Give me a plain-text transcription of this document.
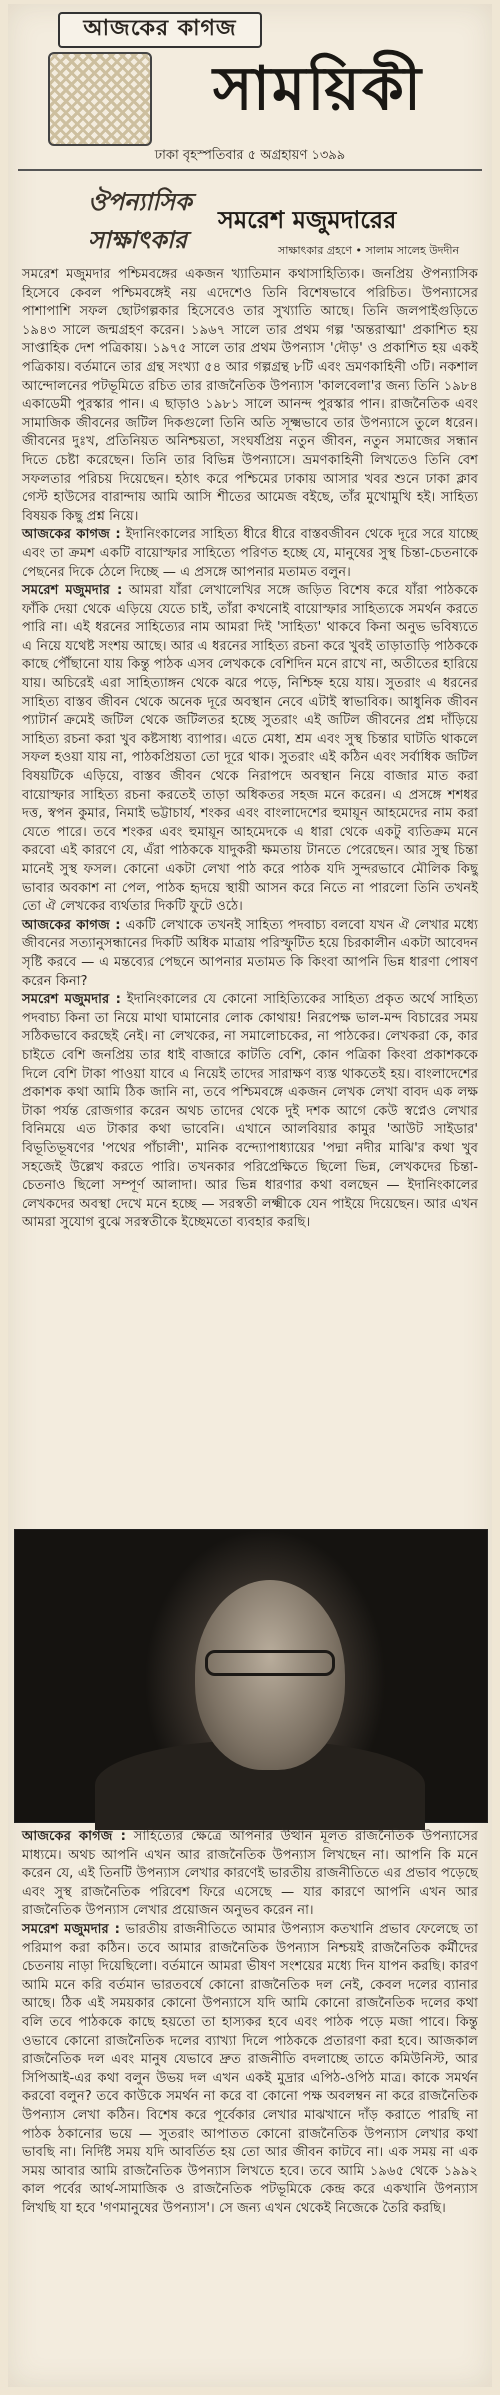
আজকের কাগজ
সাময়িকী
ঢাকা বৃহস্পতিবার ৫ অগ্রহায়ণ ১৩৯৯
ঔপন্যাসিক
সমরেশ মজুমদারের
সাক্ষাৎকার	সাক্ষাৎকার গ্রহণে • সালাম সালেহ উদদীন

সমরেশ মজুমদার পশ্চিমবঙ্গের একজন খ্যাতিমান কথাসাহিত্যিক। জনপ্রিয় ঔপন্যাসিক হিসেবে কেবল পশ্চিমবঙ্গেই নয় এদেশেও তিনি বিশেষভাবে পরিচিত। উপন্যাসের পাশাপাশি সফল ছোটগল্পকার হিসেবেও তার সুখ্যাতি আছে। তিনি জলপাইগুড়িতে ১৯৪৩ সালে জন্মগ্রহণ করেন। ১৯৬৭ সালে তার প্রথম গল্প 'অন্তরাত্মা' প্রকাশিত হয় সাপ্তাহিক দেশ পত্রিকায়। ১৯৭৫ সালে তার প্রথম উপন্যাস 'দৌড়' ও প্রকাশিত হয় একই পত্রিকায়। বর্তমানে তার গ্রন্থ সংখ্যা ৫৪ আর গল্পগ্রন্থ ৮টি এবং ভ্রমণকাহিনী ৩টি। নকশাল আন্দোলনের পটভূমিতে রচিত তার রাজনৈতিক উপন্যাস 'কালবেলা'র জন্য তিনি ১৯৮৪ একাডেমী পুরস্কার পান। এ ছাড়াও ১৯৮১ সালে আনন্দ পুরস্কার পান। রাজনৈতিক এবং সামাজিক জীবনের জটিল দিকগুলো তিনি অতি সূক্ষ্মভাবে তার উপন্যাসে তুলে ধরেন। জীবনের দুঃখ, প্রতিনিয়ত অনিশ্চয়তা, সংঘর্ষপ্রিয় নতুন জীবন, নতুন সমাজের সন্ধান দিতে চেষ্টা করেছেন। তিনি তার বিভিন্ন উপন্যাসে। ভ্রমণকাহিনী লিখতেও তিনি বেশ সফলতার পরিচয় দিয়েছেন। হঠাৎ করে পশ্চিমের ঢাকায় আসার খবর শুনে ঢাকা ক্লাব গেস্ট হাউসের বারান্দায় আমি আসি শীতের আমেজ বইছে, তাঁর মুখোমুখি হই। সাহিত্য বিষয়ক কিছু প্রশ্ন নিয়ে।

আজকের কাগজ : ইদানিংকালের সাহিত্য ধীরে ধীরে বাস্তবজীবন থেকে দূরে সরে যাচ্ছে এবং তা ক্রমশ একটি বায়োস্ফার সাহিত্যে পরিণত হচ্ছে যে, মানুষের সুস্থ চিন্তা-চেতনাকে পেছনের দিকে ঠেলে দিচ্ছে — এ প্রসঙ্গে আপনার মতামত বলুন।

সমরেশ মজুমদার : আমরা যাঁরা লেখালেখির সঙ্গে জড়িত বিশেষ করে যাঁরা পাঠককে ফাঁকি দেয়া থেকে এড়িয়ে যেতে চাই, তাঁরা কখনোই বায়োস্ফার সাহিত্যকে সমর্থন করতে পারি না। এই ধরনের সাহিত্যের নাম আমরা দিই 'সাহিত্য' থাকবে কিনা অনুভ ভবিষ্যতে এ নিয়ে যথেষ্ট সংশয় আছে। আর এ ধরনের সাহিত্য রচনা করে খুবই তাড়াতাড়ি পাঠককে কাছে পৌঁছানো যায় কিন্তু পাঠক এসব লেখককে বেশিদিন মনে রাখে না, অতীতের হারিয়ে যায়। অচিরেই এরা সাহিত্যাঙ্গন থেকে ঝরে পড়ে, নিশ্চিহ্ন হয়ে যায়। সুতরাং এ ধরনের সাহিত্য বাস্তব জীবন থেকে অনেক দূরে অবস্থান নেবে এটাই স্বাভাবিক। আধুনিক জীবন প্যাটার্ন ক্রমেই জটিল থেকে জটিলতর হচ্ছে সুতরাং এই জটিল জীবনের প্রশ্ন দাঁড়িয়ে সাহিত্য রচনা করা খুব কষ্টসাধ্য ব্যাপার। এতে মেধা, শ্রম এবং সুস্থ চিন্তার ঘাটতি থাকলে সফল হওয়া যায় না, পাঠকপ্রিয়তা তো দূরে থাক। সুতরাং এই কঠিন এবং সর্বাধিক জটিল বিষয়টিকে এড়িয়ে, বাস্তব জীবন থেকে নিরাপদে অবস্থান নিয়ে বাজার মাত করা বায়োস্ফার সাহিত্য রচনা করতেই তাড়া অধিকতর সহজ মনে করেন। এ প্রসঙ্গে শশধর দত্ত, স্বপন কুমার, নিমাই ভট্টাচার্য, শংকর এবং বাংলাদেশের হুমায়ূন আহমেদের নাম করা যেতে পারে। তবে শংকর এবং হুমায়ূন আহমেদকে এ ধারা থেকে একটু ব্যতিক্রম মনে করবো এই কারণে যে, এঁরা পাঠককে যাদুকরী ক্ষমতায় টানতে পেরেছেন। আর সুস্থ চিন্তা মানেই সুস্থ ফসল। কোনো একটা লেখা পাঠ করে পাঠক যদি সুন্দরভাবে মৌলিক কিছু ভাবার অবকাশ না পেল, পাঠক হৃদয়ে স্থায়ী আসন করে নিতে না পারলো তিনি তখনই তো ঐ লেখকের ব্যর্থতার দিকটি ফুটে ওঠে।

আজকের কাগজ : একটি লেখাকে তখনই সাহিত্য পদবাচ্য বলবো যখন ঐ লেখার মধ্যে জীবনের সত্যানুসন্ধানের দিকটি অধিক মাত্রায় পরিস্ফুটিত হয়ে চিরকালীন একটা আবেদন সৃষ্টি করবে — এ মন্তব্যের পেছনে আপনার মতামত কি কিংবা আপনি ভিন্ন ধারণা পোষণ করেন কিনা?

সমরেশ মজুমদার : ইদানিংকালের যে কোনো সাহিত্যিকের সাহিত্য প্রকৃত অর্থে সাহিত্য পদবাচ্য কিনা তা নিয়ে মাথা ঘামানোর লোক কোথায়! নিরপেক্ষ ভাল-মন্দ বিচারের সময় সঠিকভাবে করছেই নেই। না লেখকের, না সমালোচকের, না পাঠকের। লেখকরা কে, কার চাইতে বেশি জনপ্রিয় তার ধাই বাজারে কাটতি বেশি, কোন পত্রিকা কিংবা প্রকাশককে দিলে বেশি টাকা পাওয়া যাবে এ নিয়েই তাদের সারাক্ষণ ব্যস্ত থাকতেই হয়। বাংলাদেশের প্রকাশক কথা আমি ঠিক জানি না, তবে পশ্চিমবঙ্গে একজন লেখক লেখা বাবদ এক লক্ষ টাকা পর্যন্ত রোজগার করেন অথচ তাদের থেকে দুই দশক আগে কেউ স্বপ্নেও লেখার বিনিময়ে এত টাকার কথা ভাবেনি। এখানে আলবিয়ার কামুর 'আউট সাইডার' বিভূতিভূষণের 'পথের পাঁচালী', মানিক বন্দ্যোপাধ্যায়ের 'পদ্মা নদীর মাঝি'র কথা খুব সহজেই উল্লেখ করতে পারি। তখনকার পরিপ্রেক্ষিতে ছিলো ভিন্ন, লেখকদের চিন্তা-চেতনাও ছিলো সম্পূর্ণ আলাদা। আর ভিন্ন ধারণার কথা বলছেন — ইদানিংকালের লেখকদের অবস্থা দেখে মনে হচ্ছে — সরস্বতী লক্ষ্মীকে যেন পাইয়ে দিয়েছেন। আর এখন আমরা সুযোগ বুঝে সরস্বতীকে ইচ্ছেমতো ব্যবহার করছি।

আজকের কাগজ : সাহিত্যের ক্ষেত্রে আপনার উত্থান মূলত রাজনৈতিক উপন্যাসের মাধ্যমে। অথচ আপনি এখন আর রাজনৈতিক উপন্যাস লিখছেন না। আপনি কি মনে করেন যে, এই তিনটি উপন্যাস লেখার কারণেই ভারতীয় রাজনীতিতে এর প্রভাব পড়েছে এবং সুস্থ রাজনৈতিক পরিবেশ ফিরে এসেছে — যার কারণে আপনি এখন আর রাজনৈতিক উপন্যাস লেখার প্রয়োজন অনুভব করেন না।

সমরেশ মজুমদার : ভারতীয় রাজনীতিতে আমার উপন্যাস কতখানি প্রভাব ফেলেছে তা পরিমাপ করা কঠিন। তবে আমার রাজনৈতিক উপন্যাস নিশ্চয়ই রাজনৈতিক কর্মীদের চেতনায় নাড়া দিয়েছিলো। বর্তমানে আমরা ভীষণ সংশয়ের মধ্যে দিন যাপন করছি। কারণ আমি মনে করি বর্তমান ভারতবর্ষে কোনো রাজনৈতিক দল নেই, কেবল দলের ব্যানার আছে। ঠিক এই সময়কার কোনো উপন্যাসে যদি আমি কোনো রাজনৈতিক দলের কথা বলি তবে পাঠককে কাছে হয়তো তা হাস্যকর হবে এবং পাঠক পড়ে মজা পাবে। কিন্তু ওভাবে কোনো রাজনৈতিক দলের ব্যাখ্যা দিলে পাঠককে প্রতারণা করা হবে। আজকাল রাজনৈতিক দল এবং মানুষ যেভাবে দ্রুত রাজনীতি বদলাচ্ছে তাতে কমিউনিস্ট, আর সিপিআই-এর কথা বলুন উভয় দল এখন একই মুদ্রার এপিঠ-ওপিঠ মাত্র। কাকে সমর্থন করবো বলুন? তবে কাউকে সমর্থন না করে বা কোনো পক্ষ অবলম্বন না করে রাজনৈতিক উপন্যাস লেখা কঠিন। বিশেষ করে পূর্বেকার লেখার মাঝখানে দাঁড় করাতে পারছি না পাঠক ঠকানোর ভয়ে — সুতরাং আপাতত কোনো রাজনৈতিক উপন্যাস লেখার কথা ভাবছি না। নির্দিষ্ট সময় যদি আবর্তিত হয় তো আর জীবন কাটবে না। এক সময় না এক সময় আবার আমি রাজনৈতিক উপন্যাস লিখতে হবে। তবে আমি ১৯৬৫ থেকে ১৯৯২ কাল পর্বের আর্থ-সামাজিক ও রাজনৈতিক পটভূমিকে কেন্দ্র করে একখানি উপন্যাস লিখছি যা হবে 'গণমানুষের উপন্যাস'। সে জন্য এখন থেকেই নিজেকে তৈরি করছি।
